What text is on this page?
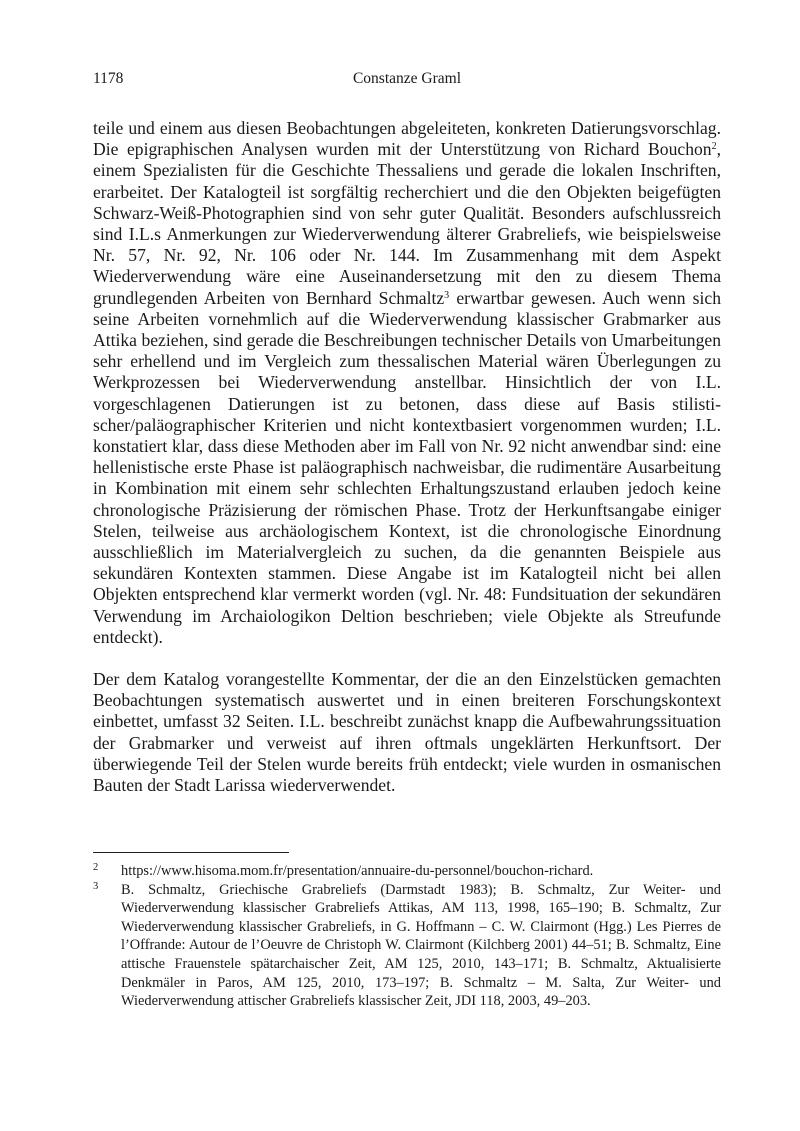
1178	Constanze Graml

teile und einem aus diesen Beobachtungen abgeleiteten, konkreten Datierungsvorschlag. Die epigraphischen Analysen wurden mit der Unterstützung von Richard Bouchon$^2$, einem Spezialisten für die Geschichte Thessaliens und gerade die lokalen Inschriften, erarbeitet. Der Katalogteil ist sorgfältig recherchiert und die den Objekten beigefügten Schwarz-Weiß-Photographien sind von sehr guter Qualität. Besonders aufschlussreich sind I.L.s Anmerkungen zur Wiederverwendung älterer Grabreliefs, wie beispielsweise Nr. 57, Nr. 92, Nr. 106 oder Nr. 144. Im Zusammenhang mit dem Aspekt Wiederverwendung wäre eine Auseinandersetzung mit den zu diesem Thema grundlegenden Arbeiten von Bernhard Schmaltz$^3$ erwartbar gewesen. Auch wenn sich seine Arbeiten vornehmlich auf die Wiederverwendung klassischer Grabmarker aus Attika beziehen, sind gerade die Beschreibungen technischer Details von Umarbeitungen sehr erhellend und im Vergleich zum thessalischen Material wären Überlegungen zu Werkprozessen bei Wiederverwendung anstellbar. Hinsichtlich der von I.L. vorgeschlagenen Datierungen ist zu betonen, dass diese auf Basis stilistischer/paläographischer Kriterien und nicht kontextbasiert vorgenommen wurden; I.L. konstatiert klar, dass diese Methoden aber im Fall von Nr. 92 nicht anwendbar sind: eine hellenistische erste Phase ist paläographisch nachweisbar, die rudimentäre Ausarbeitung in Kombination mit einem sehr schlechten Erhaltungszustand erlauben jedoch keine chronologische Präzisierung der römischen Phase. Trotz der Herkunftsangabe einiger Stelen, teilweise aus archäologischem Kontext, ist die chronologische Einordnung ausschließlich im Materialvergleich zu suchen, da die genannten Beispiele aus sekundären Kontexten stammen. Diese Angabe ist im Katalogteil nicht bei allen Objekten entsprechend klar vermerkt worden (vgl. Nr. 48: Fundsituation der sekundären Verwendung im Archaiologikon Deltion beschrieben; viele Objekte als Streufunde entdeckt).

Der dem Katalog vorangestellte Kommentar, der die an den Einzelstücken gemachten Beobachtungen systematisch auswertet und in einen breiteren Forschungskontext einbettet, umfasst 32 Seiten. I.L. beschreibt zunächst knapp die Aufbewahrungssituation der Grabmarker und verweist auf ihren oftmals ungeklärten Herkunftsort. Der überwiegende Teil der Stelen wurde bereits früh entdeckt; viele wurden in osmanischen Bauten der Stadt Larissa wiederverwendet.

2 https://www.hisoma.mom.fr/presentation/annuaire-du-personnel/bouchon-richard.

3 B. Schmaltz, Griechische Grabreliefs (Darmstadt 1983); B. Schmaltz, Zur Weiter- und Wiederverwendung klassischer Grabreliefs Attikas, AM 113, 1998, 165–190; B. Schmaltz, Zur Wiederverwendung klassischer Grabreliefs, in G. Hoffmann – C. W. Clairmont (Hgg.) Les Pierres de l’Offrande: Autour de l’Oeuvre de Christoph W. Clairmont (Kilchberg 2001) 44–51; B. Schmaltz, Eine attische Frauenstele spätarchaischer Zeit, AM 125, 2010, 143–171; B. Schmaltz, Aktualisierte Denkmäler in Paros, AM 125, 2010, 173–197; B. Schmaltz – M. Salta, Zur Weiter- und Wiederverwendung attischer Grabreliefs klassischer Zeit, JDI 118, 2003, 49–203.
